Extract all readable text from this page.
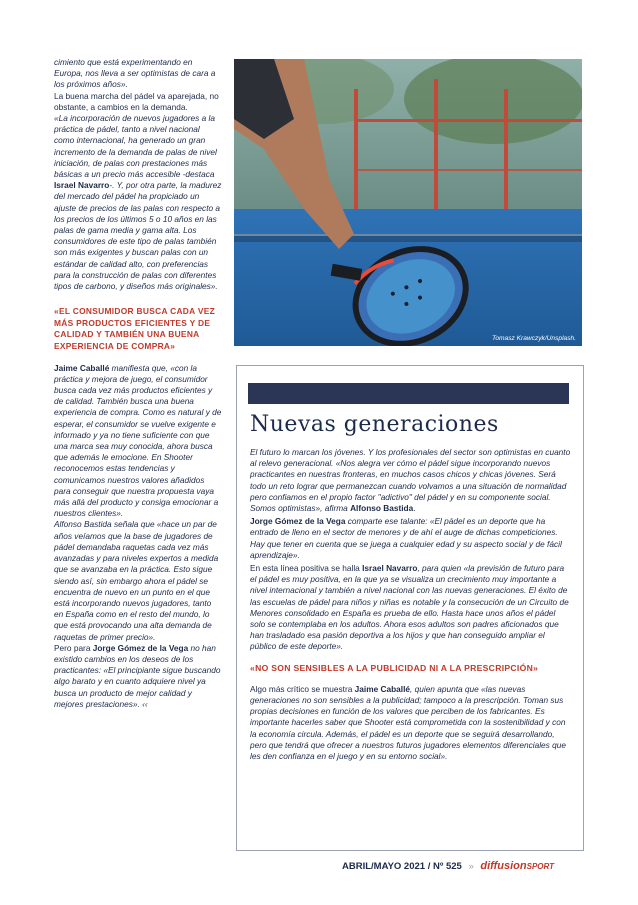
cimiento que está experimentando en Europa, nos lleva a ser optimistas de cara a los próximos años».

La buena marcha del pádel va aparejada, no obstante, a cambios en la demanda.

«La incorporación de nuevos jugadores a la práctica de pádel, tanto a nivel nacional como internacional, ha generado un gran incremento de la demanda de palas de nivel iniciación, de palas con prestaciones más básicas a un precio más accesible -destaca Israel Navarro-. Y, por otra parte, la madurez del mercado del pádel ha propiciado un ajuste de precios de las palas con respecto a los precios de los últimos 5 o 10 años en las palas de gama media y gama alta. Los consumidores de este tipo de palas también son más exigentes y buscan palas con un estándar de calidad alto, con preferencias para la construcción de palas con diferentes tipos de carbono, y diseños más originales».

«EL CONSUMIDOR BUSCA CADA VEZ MÁS PRODUCTOS EFICIENTES Y DE CALIDAD Y TAMBIÉN UNA BUENA EXPERIENCIA DE COMPRA»

Jaime Caballé manifiesta que, «con la práctica y mejora de juego, el consumidor busca cada vez más productos eficientes y de calidad. También busca una buena experiencia de compra. Como es natural y de esperar, el consumidor se vuelve exigente e informado y ya no tiene suficiente con que una marca sea muy conocida, ahora busca que además le emocione. En Shooter reconocemos estas tendencias y comunicamos nuestros valores añadidos para conseguir que nuestra propuesta vaya más allá del producto y consiga emocionar a nuestros clientes».

Alfonso Bastida señala que «hace un par de años veíamos que la base de jugadores de pádel demandaba raquetas cada vez más avanzadas y para niveles expertos a medida que se avanzaba en la práctica. Esto sigue siendo así, sin embargo ahora el pádel se encuentra de nuevo en un punto en el que está incorporando nuevos jugadores, tanto en España como en el resto del mundo, lo que está provocando una alta demanda de raquetas de primer precio».

Pero para Jorge Gómez de la Vega no han existido cambios en los deseos de los practicantes: «El principiante sigue buscando algo barato y en cuanto adquiere nivel ya busca un producto de mejor calidad y mejores prestaciones». ‹‹

Tomasz Krawczyk/Unsplash.
Nuevas generaciones

El futuro lo marcan los jóvenes. Y los profesionales del sector son optimistas en cuanto al relevo generacional. «Nos alegra ver cómo el pádel sigue incorporando nuevos practicantes en nuestras fronteras, en muchos casos chicos y chicas jóvenes. Será todo un reto lograr que permanezcan cuando volvamos a una situación de normalidad pero confiamos en el propio factor "adictivo" del pádel y en su componente social. Somos optimistas», afirma Alfonso Bastida.

Jorge Gómez de la Vega comparte ese talante: «El pádel es un deporte que ha entrado de lleno en el sector de menores y de ahí el auge de dichas competiciones. Hay que tener en cuenta que se juega a cualquier edad y su aspecto social y de fácil aprendizaje».

En esta línea positiva se halla Israel Navarro, para quien «la previsión de futuro para el pádel es muy positiva, en la que ya se visualiza un crecimiento muy importante a nivel internacional y también a nivel nacional con las nuevas generaciones. El éxito de las escuelas de pádel para niños y niñas es notable y la consecución de un Circuito de Menores consolidado en España es prueba de ello. Hasta hace unos años el pádel solo se contemplaba en los adultos. Ahora esos adultos son padres aficionados que han trasladado esa pasión deportiva a los hijos y que han conseguido ampliar el público de este deporte».

«NO SON SENSIBLES A LA PUBLICIDAD NI A LA PRESCRIPCIÓN»

Algo más crítico se muestra Jaime Caballé, quien apunta que «las nuevas generaciones no son sensibles a la publicidad; tampoco a la prescripción. Toman sus propias decisiones en función de los valores que perciben de los fabricantes. Es importante hacerles saber que Shooter está comprometida con la sostenibilidad y con la economía circula. Además, el pádel es un deporte que se seguirá desarrollando, pero que tendrá que ofrecer a nuestros futuros jugadores elementos diferenciales que les den confianza en el juego y en su entorno social».

ABRIL/MAYO 2021 / Nº 525 » diffusionSPORT
